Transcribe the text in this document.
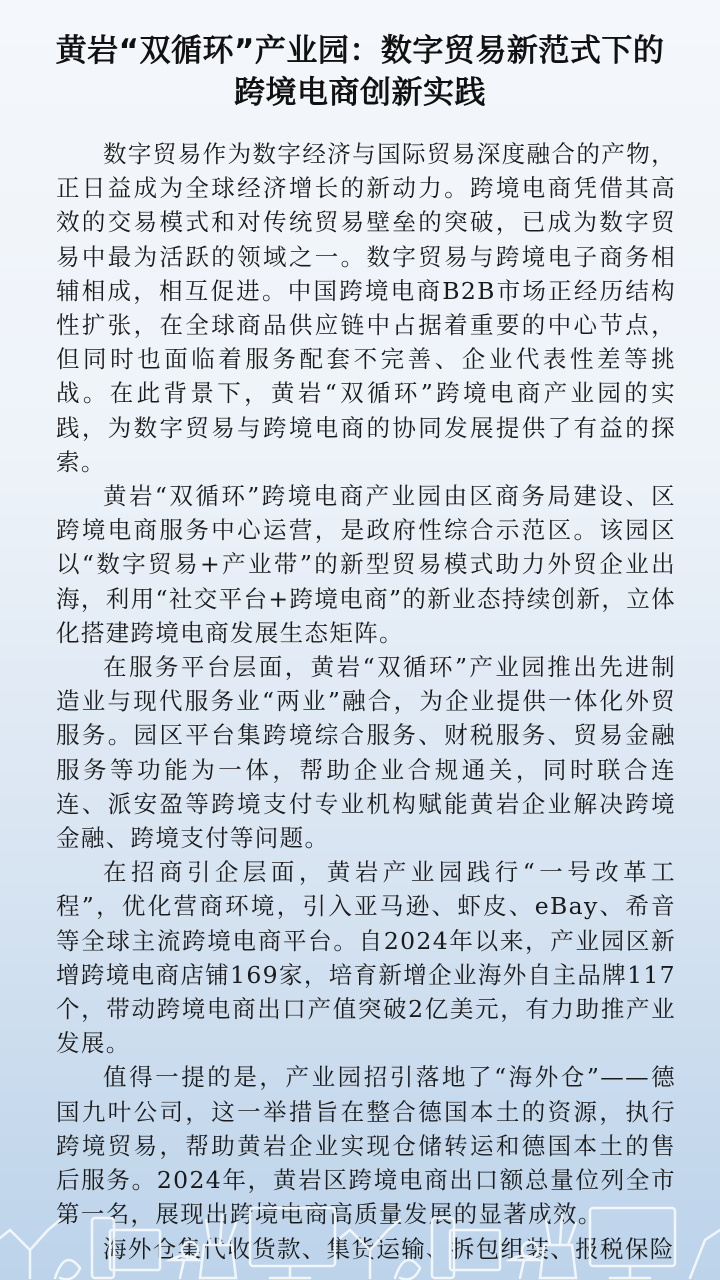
黄岩“双循环”产业园：数字贸易新范式下的
跨境电商创新实践

数字贸易作为数字经济与国际贸易深度融合的产物，正日益成为全球经济增长的新动力。跨境电商凭借其高效的交易模式和对传统贸易壁垒的突破，已成为数字贸易中最为活跃的领域之一。数字贸易与跨境电子商务相辅相成，相互促进。中国跨境电商B2B市场正经历结构性扩张，在全球商品供应链中占据着重要的中心节点，但同时也面临着服务配套不完善、企业代表性差等挑战。在此背景下，黄岩“双循环”跨境电商产业园的实践，为数字贸易与跨境电商的协同发展提供了有益的探索。

黄岩“双循环”跨境电商产业园由区商务局建设、区跨境电商服务中心运营，是政府性综合示范区。该园区以“数字贸易+产业带”的新型贸易模式助力外贸企业出海，利用“社交平台+跨境电商”的新业态持续创新，立体化搭建跨境电商发展生态矩阵。

在服务平台层面，黄岩“双循环”产业园推出先进制造业与现代服务业“两业”融合，为企业提供一体化外贸服务。园区平台集跨境综合服务、财税服务、贸易金融服务等功能为一体，帮助企业合规通关，同时联合连连、派安盈等跨境支付专业机构赋能黄岩企业解决跨境金融、跨境支付等问题。

在招商引企层面，黄岩产业园践行“一号改革工程”，优化营商环境，引入亚马逊、虾皮、eBay、希音等全球主流跨境电商平台。自2024年以来，产业园区新增跨境电商店铺169家，培育新增企业海外自主品牌117个，带动跨境电商出口产值突破2亿美元，有力助推产业发展。

值得一提的是，产业园招引落地了“海外仓”——德国九叶公司，这一举措旨在整合德国本土的资源，执行跨境贸易，帮助黄岩企业实现仓储转运和德国本土的售后服务。2024年，黄岩区跨境电商出口额总量位列全市第一名，展现出跨境电商高质量发展的显著成效。

海外仓集代收货款、集货运输、拆包组装、报税保险
